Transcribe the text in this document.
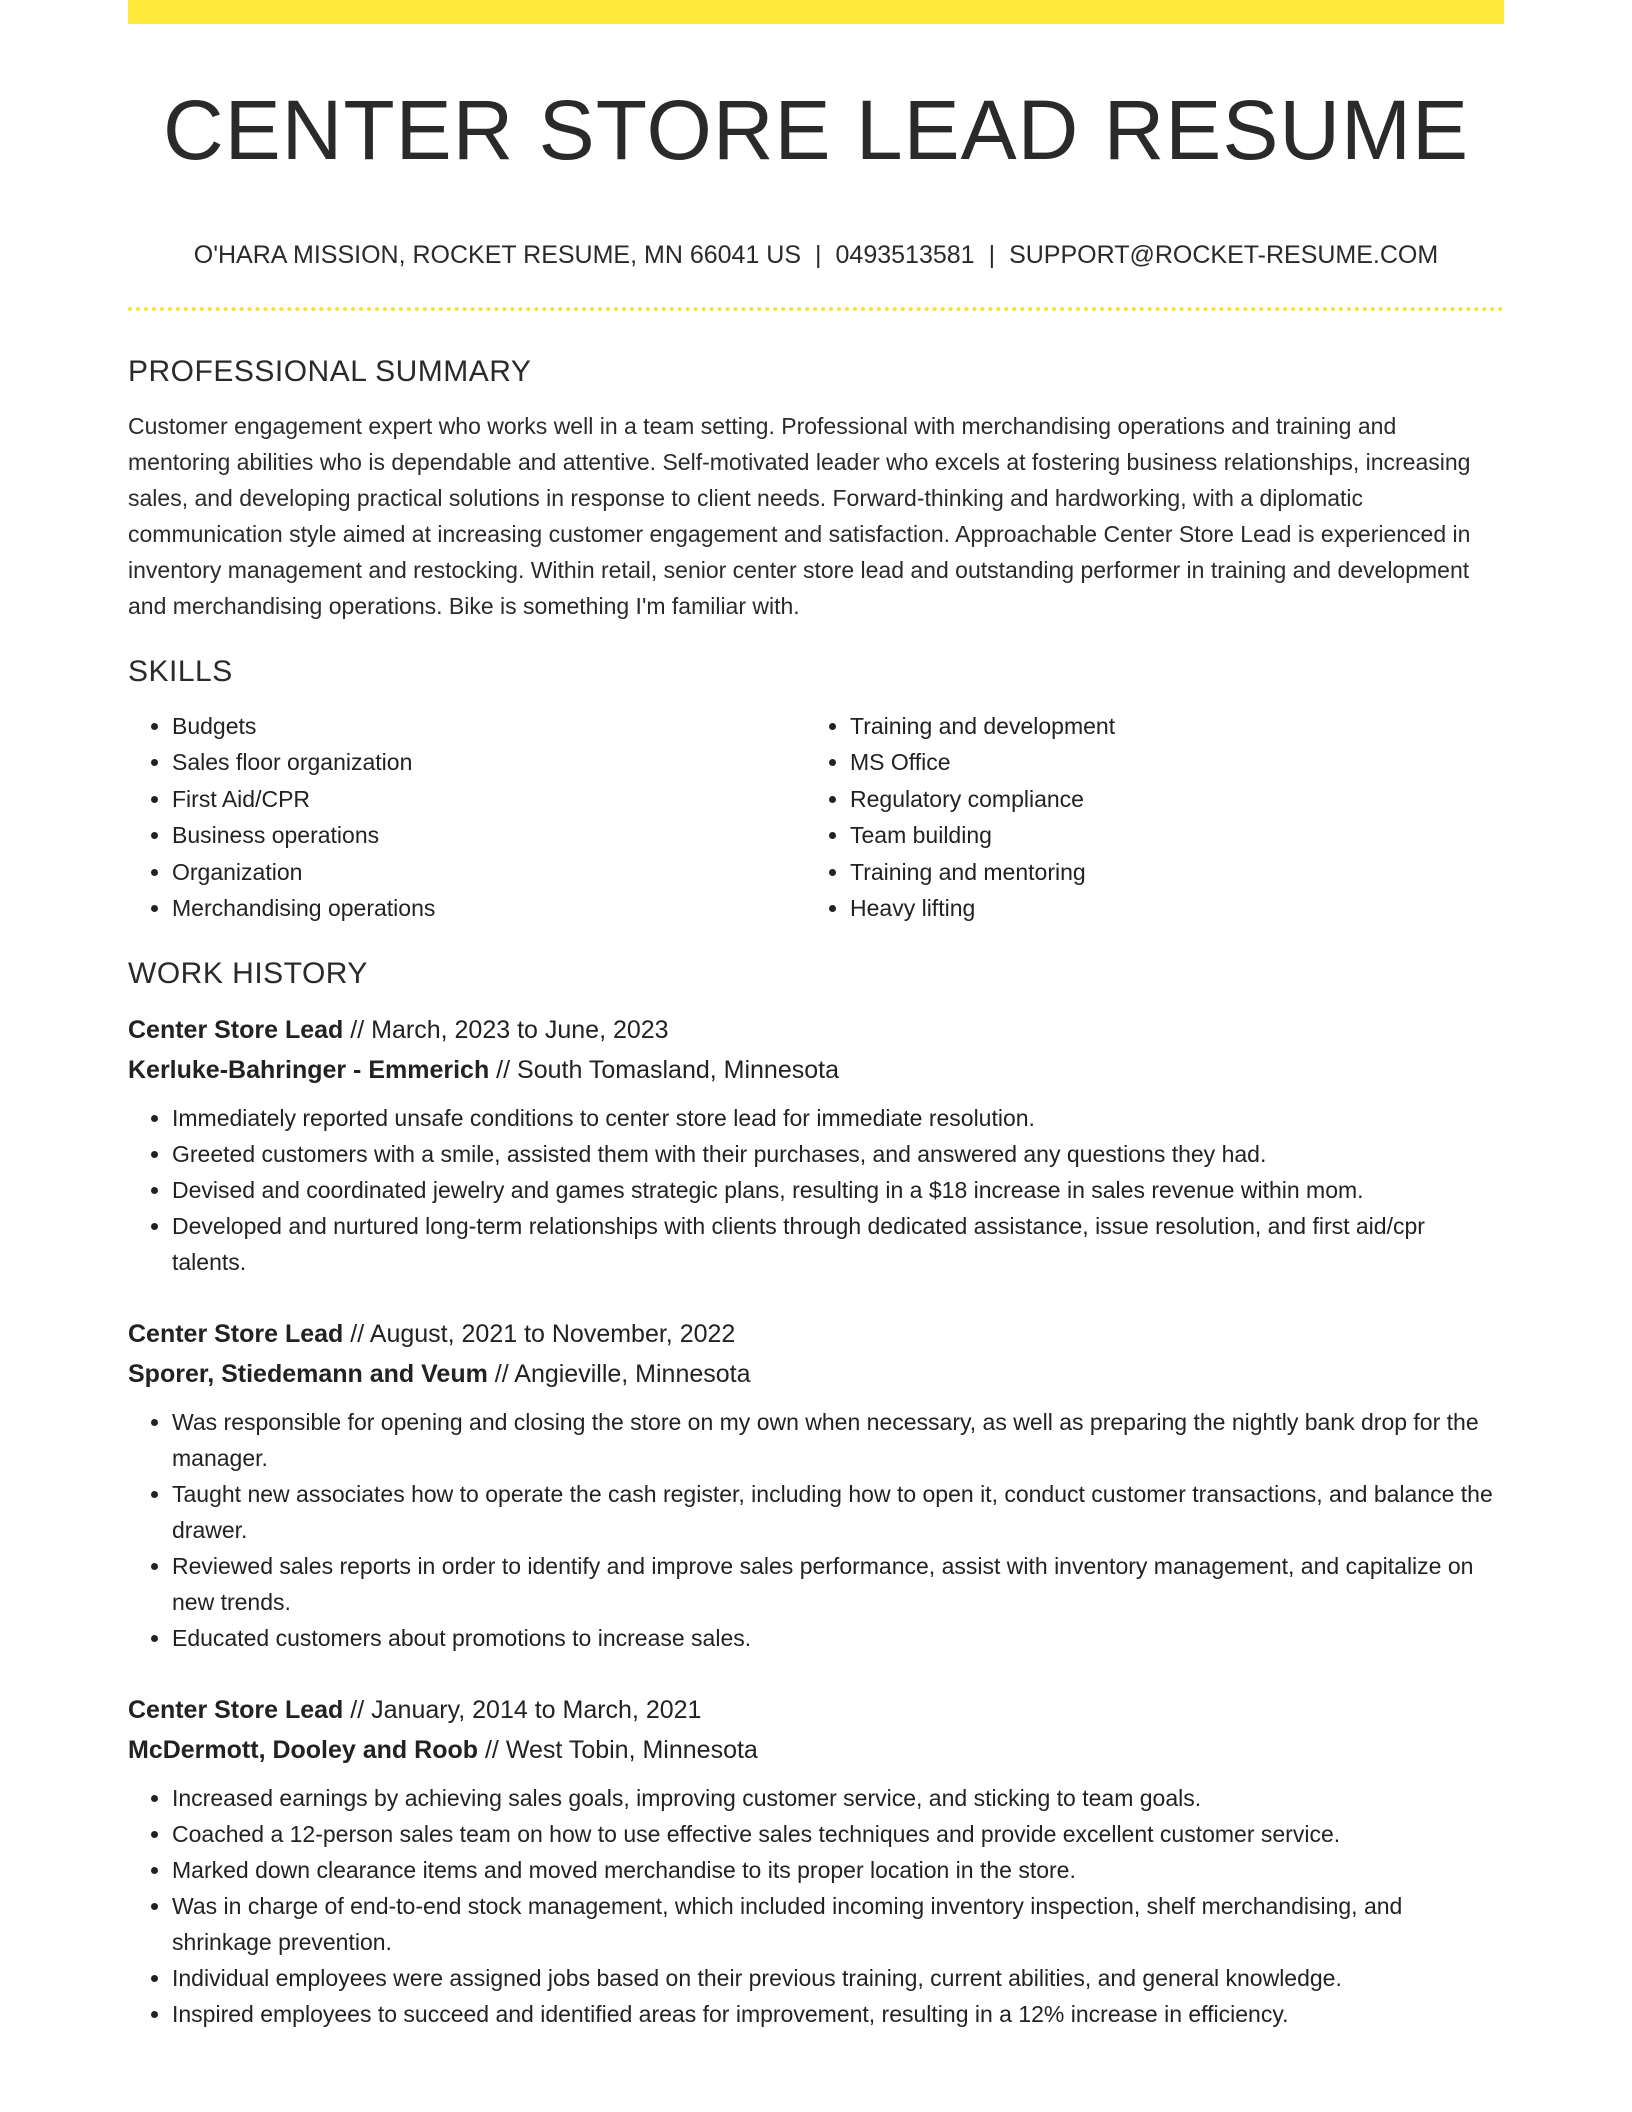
CENTER STORE LEAD RESUME
O'HARA MISSION, ROCKET RESUME, MN 66041 US | 0493513581 | SUPPORT@ROCKET-RESUME.COM
PROFESSIONAL SUMMARY

Customer engagement expert who works well in a team setting. Professional with merchandising operations and training and mentoring abilities who is dependable and attentive. Self-motivated leader who excels at fostering business relationships, increasing sales, and developing practical solutions in response to client needs. Forward-thinking and hardworking, with a diplomatic communication style aimed at increasing customer engagement and satisfaction. Approachable Center Store Lead is experienced in inventory management and restocking. Within retail, senior center store lead and outstanding performer in training and development and merchandising operations. Bike is something I'm familiar with.

SKILLS
• Budgets
• Sales floor organization
• First Aid/CPR
• Business operations
• Organization
• Merchandising operations
• Training and development
• MS Office
• Regulatory compliance
• Team building
• Training and mentoring
• Heavy lifting
WORK HISTORY
Center Store Lead // March, 2023 to June, 2023
Kerluke-Bahringer - Emmerich // South Tomasland, Minnesota
• Immediately reported unsafe conditions to center store lead for immediate resolution.
• Greeted customers with a smile, assisted them with their purchases, and answered any questions they had.
• Devised and coordinated jewelry and games strategic plans, resulting in a $18 increase in sales revenue within mom.
• Developed and nurtured long-term relationships with clients through dedicated assistance, issue resolution, and first aid/cpr talents.
Center Store Lead // August, 2021 to November, 2022
Sporer, Stiedemann and Veum // Angieville, Minnesota
• Was responsible for opening and closing the store on my own when necessary, as well as preparing the nightly bank drop for the manager.
• Taught new associates how to operate the cash register, including how to open it, conduct customer transactions, and balance the drawer.
• Reviewed sales reports in order to identify and improve sales performance, assist with inventory management, and capitalize on new trends.
• Educated customers about promotions to increase sales.
Center Store Lead // January, 2014 to March, 2021
McDermott, Dooley and Roob // West Tobin, Minnesota
• Increased earnings by achieving sales goals, improving customer service, and sticking to team goals.
• Coached a 12-person sales team on how to use effective sales techniques and provide excellent customer service.
• Marked down clearance items and moved merchandise to its proper location in the store.
• Was in charge of end-to-end stock management, which included incoming inventory inspection, shelf merchandising, and shrinkage prevention.
• Individual employees were assigned jobs based on their previous training, current abilities, and general knowledge.
• Inspired employees to succeed and identified areas for improvement, resulting in a 12% increase in efficiency.
